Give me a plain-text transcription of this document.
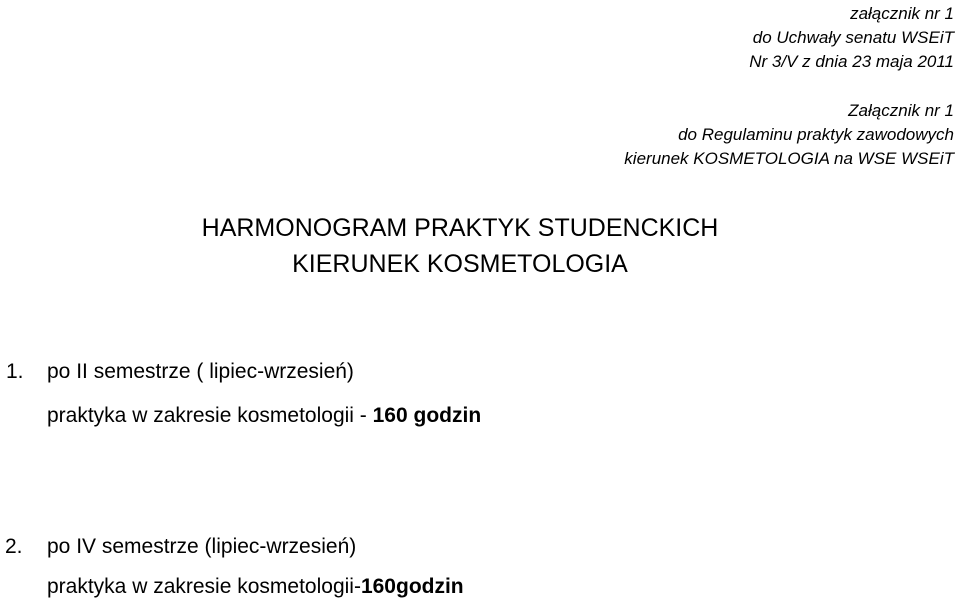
załącznik nr 1
do Uchwały senatu WSEiT
Nr 3/V z dnia 23 maja 2011
Załącznik nr 1
do Regulaminu praktyk zawodowych
kierunek KOSMETOLOGIA na WSE WSEiT
HARMONOGRAM PRAKTYK STUDENCKICH
KIERUNEK KOSMETOLOGIA
1. po II semestrze ( lipiec-wrzesień)
praktyka w zakresie kosmetologii - 160 godzin
2. po IV semestrze (lipiec-wrzesień)
praktyka w zakresie kosmetologii-160godzin
